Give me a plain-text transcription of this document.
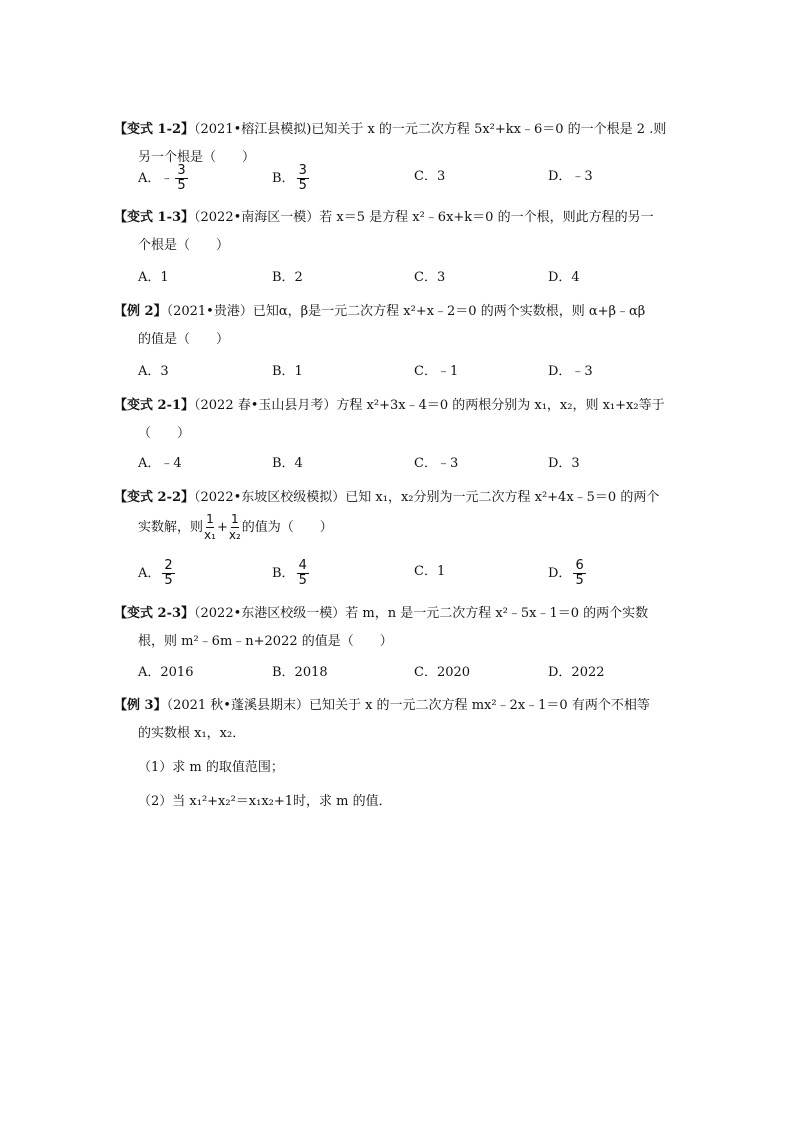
【变式 1-2】（2021•榕江县模拟)已知关于 x 的一元二次方程 5x²+kx﹣6＝0 的一个根是 2 .则
另一个根是（　　）
A．﹣ $\frac{3}{5}$	B． $\frac{3}{5}$	C．3	D．﹣3
【变式 1-3】（2022•南海区一模）若 x＝5 是方程 x²﹣6x+k＝0 的一个根，则此方程的另一
个根是（　　）
A．1	B．2	C．3	D．4
【例 2】（2021•贵港）已知α，β是一元二次方程 x²+x﹣2＝0 的两个实数根，则 α+β﹣αβ
的值是（　　）
A．3	B．1	C．﹣1	D．﹣3
【变式 2-1】（2022 春•玉山县月考）方程 x²+3x﹣4＝0 的两根分别为 x₁，x₂，则 x₁+x₂等于
（　　）
A．﹣4	B．4	C．﹣3	D．3
【变式 2-2】（2022•东坡区校级模拟）已知 x₁，x₂分别为一元二次方程 x²+4x﹣5＝0 的两个
实数解，则 $\frac{1}{\text{x₁}} + \frac{1}{\text{x₂}}$ 的值为（　　）
A． $\frac{2}{5}$	B． $\frac{4}{5}$	C．1	D． $\frac{6}{5}$
【变式 2-3】（2022•东港区校级一模）若 m，n 是一元二次方程 x²﹣5x﹣1＝0 的两个实数
根，则 m²﹣6m﹣n+2022 的值是（　　）
A．2016	B．2018	C．2020	D．2022
【例 3】（2021 秋•蓬溪县期末）已知关于 x 的一元二次方程 mx²﹣2x﹣1＝0 有两个不相等
的实数根 x₁，x₂．
（1）求 m 的取值范围；
（2）当 x₁²+x₂²＝x₁x₂+1时，求 m 的值．
